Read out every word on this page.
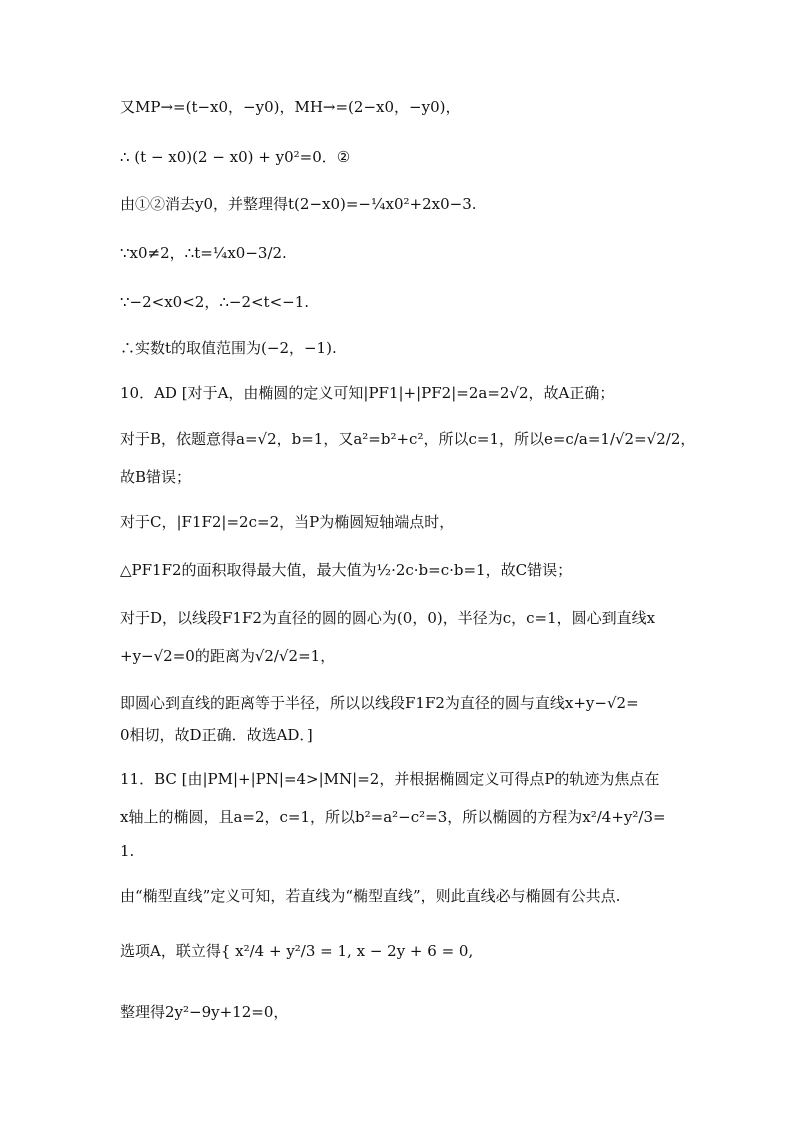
又MP→=(t−x0，−y0)，MH→=(2−x0，−y0)，
∴ (t − x0)(2 − x0) + y0²=0．②
由①②消去y0，并整理得t(2−x0)=−¼x0²+2x0−3.
∵x0≠2，∴t=¼x0−3/2.
∵−2<x0<2，∴−2<t<−1.
∴实数t的取值范围为(−2，−1).
10．AD [对于A，由椭圆的定义可知|PF1|+|PF2|=2a=2√2，故A正确；
对于B，依题意得a=√2，b=1，又a²=b²+c²，所以c=1，所以e=c/a=1/√2=√2/2，
故B错误；
对于C，|F1F2|=2c=2，当P为椭圆短轴端点时，
△PF1F2的面积取得最大值，最大值为½·2c·b=c·b=1，故C错误；
对于D，以线段F1F2为直径的圆的圆心为(0，0)，半径为c，c=1，圆心到直线x
+y−√2=0的距离为√2/√2=1，
即圆心到直线的距离等于半径，所以以线段F1F2为直径的圆与直线x+y−√2=
0相切，故D正确．故选AD．]
11．BC [由|PM|+|PN|=4>|MN|=2，并根据椭圆定义可得点P的轨迹为焦点在
x轴上的椭圆，且a=2，c=1，所以b²=a²−c²=3，所以椭圆的方程为x²/4+y²/3=
1.
由“椭型直线”定义可知，若直线为“椭型直线”，则此直线必与椭圆有公共点.
选项A，联立得{ x²/4 + y²/3 = 1, x − 2y + 6 = 0,
整理得2y²−9y+12=0，
